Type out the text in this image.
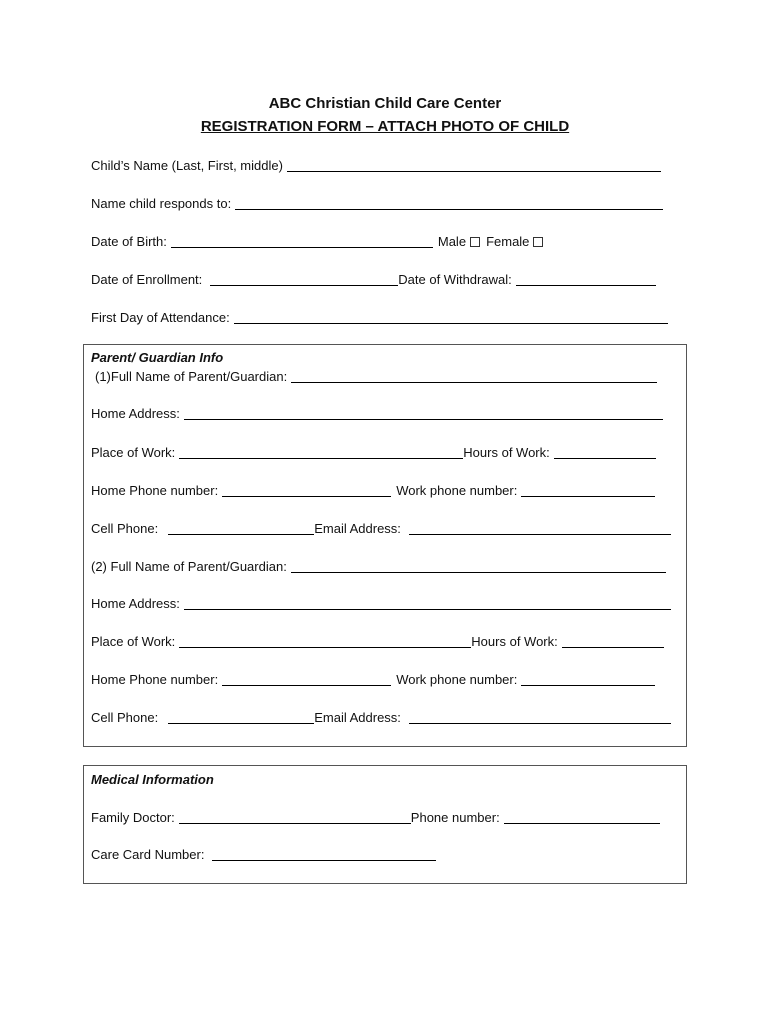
ABC Christian Child Care Center
REGISTRATION FORM – ATTACH PHOTO OF CHILD
Child’s Name (Last, First, middle)
Name child responds to:
Date of Birth:	Male Female
Date of Enrollment:	Date of Withdrawal:
First Day of Attendance:
Parent/ Guardian Info
(1)Full Name of Parent/Guardian:
Home Address:
Place of Work:	Hours of Work:
Home Phone number:	Work phone number:
Cell Phone:	Email Address:
(2) Full Name of Parent/Guardian:
Home Address:
Place of Work:	Hours of Work:
Home Phone number:	Work phone number:
Cell Phone:	Email Address:
Medical Information
Family Doctor:	Phone number:
Care Card Number:
